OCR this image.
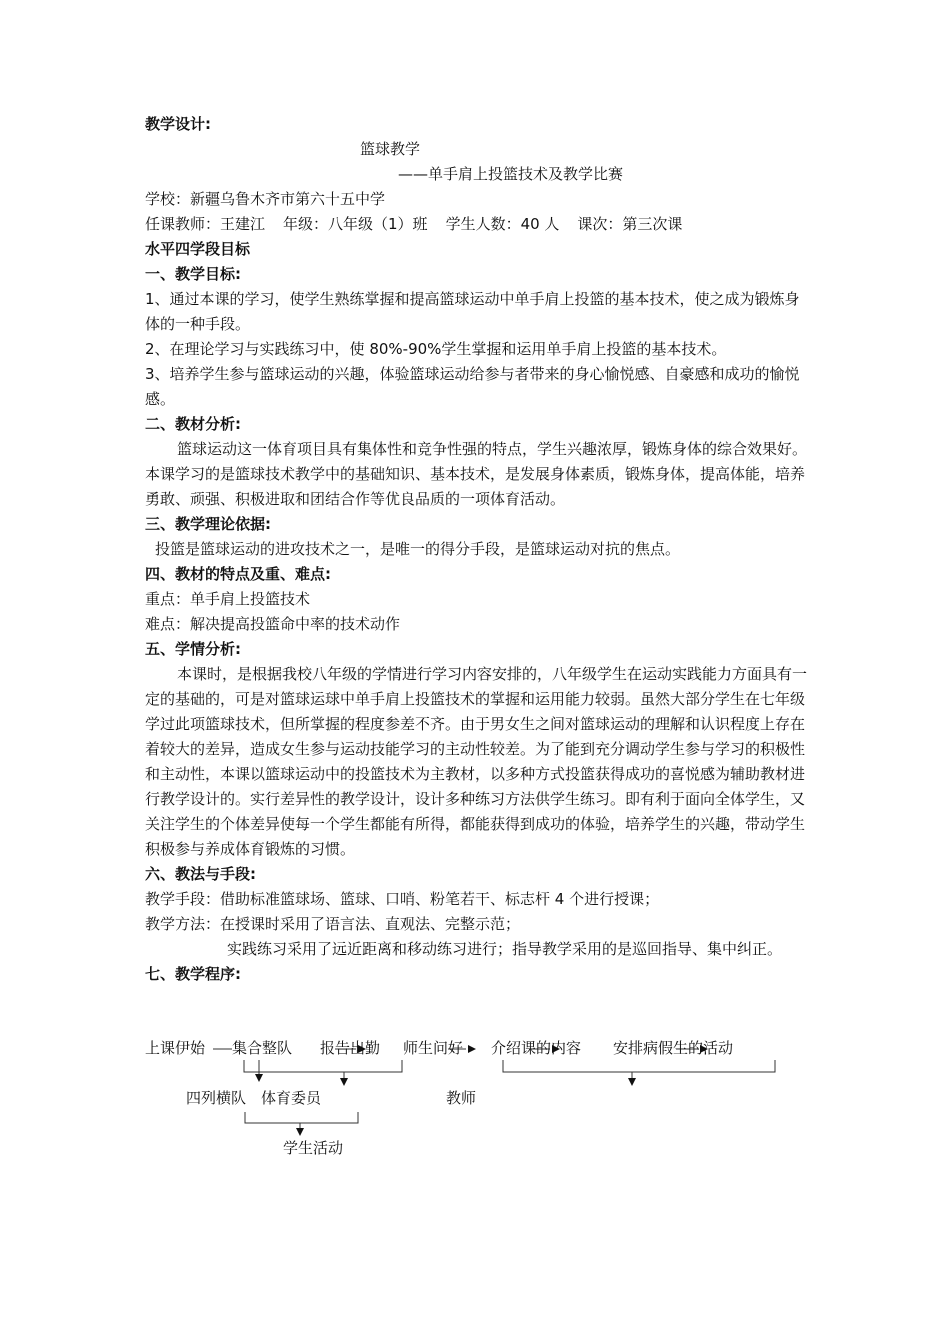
教学设计:
篮球教学
——单手肩上投篮技术及教学比赛
学校：新疆乌鲁木齐市第六十五中学
任课教师：王建江 年级：八年级（1）班 学生人数：40 人 课次：第三次课
水平四学段目标
一、教学目标:
1、通过本课的学习，使学生熟练掌握和提高篮球运动中单手肩上投篮的基本技术，使之成为锻炼身体的一种手段。
2、在理论学习与实践练习中，使 80%-90%学生掌握和运用单手肩上投篮的基本技术。
3、培养学生参与篮球运动的兴趣，体验篮球运动给参与者带来的身心愉悦感、自豪感和成功的愉悦感。
二、教材分析:
篮球运动这一体育项目具有集体性和竞争性强的特点，学生兴趣浓厚，锻炼身体的综合效果好。本课学习的是篮球技术教学中的基础知识、基本技术，是发展身体素质，锻炼身体，提高体能，培养勇敢、顽强、积极进取和团结合作等优良品质的一项体育活动。
三、教学理论依据:
投篮是篮球运动的进攻技术之一，是唯一的得分手段，是篮球运动对抗的焦点。
四、教材的特点及重、难点:
重点：单手肩上投篮技术
难点：解决提高投篮命中率的技术动作
五、学情分析:
本课时，是根据我校八年级的学情进行学习内容安排的，八年级学生在运动实践能力方面具有一定的基础的，可是对篮球运球中单手肩上投篮技术的掌握和运用能力较弱。虽然大部分学生在七年级学过此项篮球技术，但所掌握的程度参差不齐。由于男女生之间对篮球运动的理解和认识程度上存在着较大的差异，造成女生参与运动技能学习的主动性较差。为了能到充分调动学生参与学习的积极性和主动性，本课以篮球运动中的投篮技术为主教材，以多种方式投篮获得成功的喜悦感为辅助教材进行教学设计的。实行差异性的教学设计，设计多种练习方法供学生练习。即有利于面向全体学生，又关注学生的个体差异使每一个学生都能有所得，都能获得到成功的体验，培养学生的兴趣，带动学生积极参与养成体育锻炼的习惯。
六、教法与手段:
教学手段：借助标准篮球场、篮球、口哨、粉笔若干、标志杆 4 个进行授课；
教学方法：在授课时采用了语言法、直观法、完整示范；
实践练习采用了远近距离和移动练习进行；指导教学采用的是巡回指导、集中纠正。
七、教学程序:
上课伊始 集合整队 报告出勤 师生问好 介绍课的内容 安排病假生的活动
四列横队 体育委员	教师
学生活动
